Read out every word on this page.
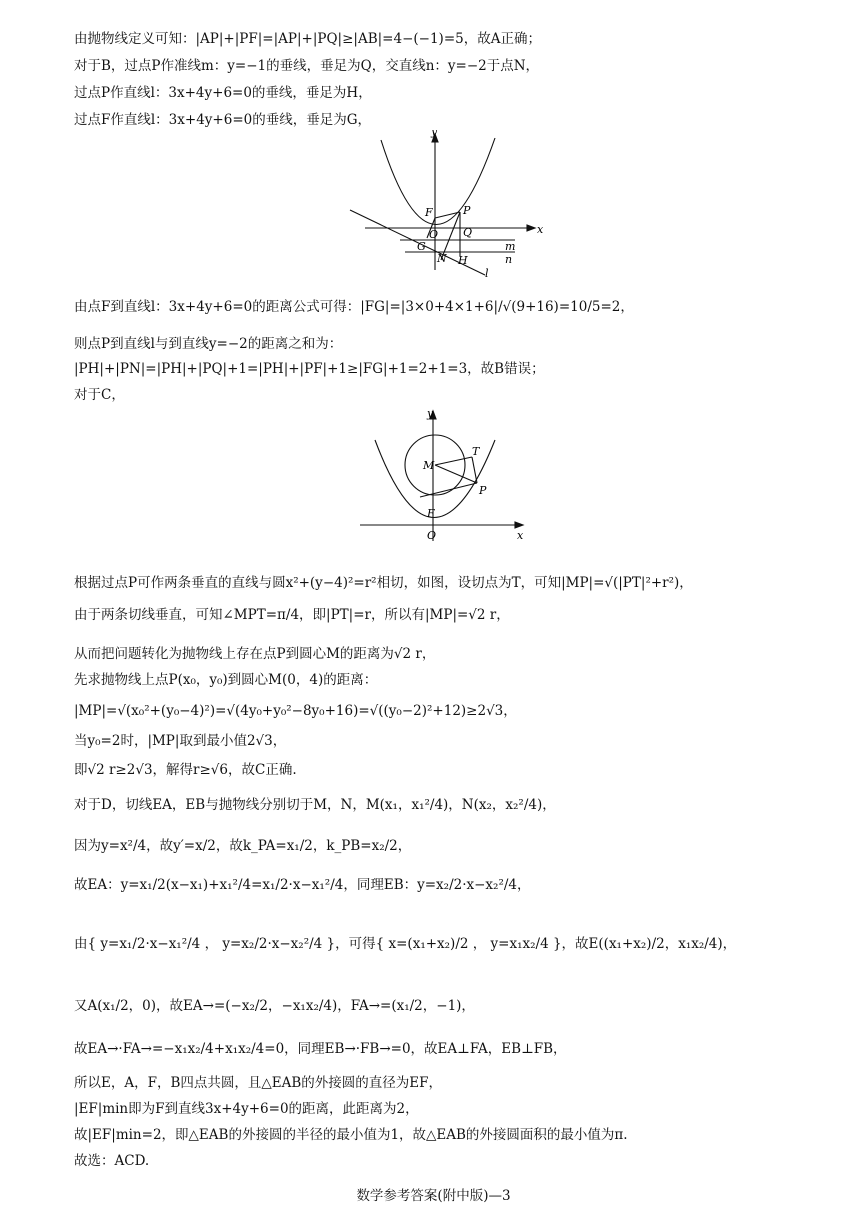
由抛物线定义可知：|AP|+|PF|=|AP|+|PQ|≥|AB|=4−(−1)=5，故A正确；
对于B，过点P作准线m：y=−1的垂线，垂足为Q，交直线n：y=−2于点N，
过点P作直线l：3x+4y+6=0的垂线，垂足为H，
过点F作直线l：3x+4y+6=0的垂线，垂足为G，
y
x
F	P
O Q
G
N H
m
n
l
由点F到直线l：3x+4y+6=0的距离公式可得：|FG|=|3×0+4×1+6|/√(9+16)=10/5=2，
则点P到直线l与到直线y=−2的距离之和为：
|PH|+|PN|=|PH|+|PQ|+1=|PH|+|PF|+1≥|FG|+1=2+1=3，故B错误；
对于C，
y
x
M
T
P
F
O
根据过点P可作两条垂直的直线与圆x²+(y−4)²=r²相切，如图，设切点为T，可知|MP|=√(|PT|²+r²)，
由于两条切线垂直，可知∠MPT=π/4，即|PT|=r，所以有|MP|=√2 r，
从而把问题转化为抛物线上存在点P到圆心M的距离为√2 r，
先求抛物线上点P(x₀，y₀)到圆心M(0，4)的距离：
|MP|=√(x₀²+(y₀−4)²)=√(4y₀+y₀²−8y₀+16)=√((y₀−2)²+12)≥2√3，
当y₀=2时，|MP|取到最小值2√3，
即√2 r≥2√3，解得r≥√6，故C正确.
对于D，切线EA，EB与抛物线分别切于M，N，M(x₁，x₁²/4)，N(x₂，x₂²/4)，
因为y=x²/4，故y′=x/2，故k_PA=x₁/2，k_PB=x₂/2，
故EA：y=x₁/2(x−x₁)+x₁²/4=x₁/2·x−x₁²/4，同理EB：y=x₂/2·x−x₂²/4，
由{ y=x₁/2·x−x₁²/4 ， y=x₂/2·x−x₂²/4 }，可得{ x=(x₁+x₂)/2 ， y=x₁x₂/4 }，故E((x₁+x₂)/2，x₁x₂/4)，
又A(x₁/2，0)，故EA→=(−x₂/2，−x₁x₂/4)，FA→=(x₁/2，−1)，
故EA→·FA→=−x₁x₂/4+x₁x₂/4=0，同理EB→·FB→=0，故EA⊥FA，EB⊥FB，
所以E，A，F，B四点共圆，且△EAB的外接圆的直径为EF，
|EF|min即为F到直线3x+4y+6=0的距离，此距离为2，
故|EF|min=2，即△EAB的外接圆的半径的最小值为1，故△EAB的外接圆面积的最小值为π.
故选：ACD.
数学参考答案(附中版)—3
